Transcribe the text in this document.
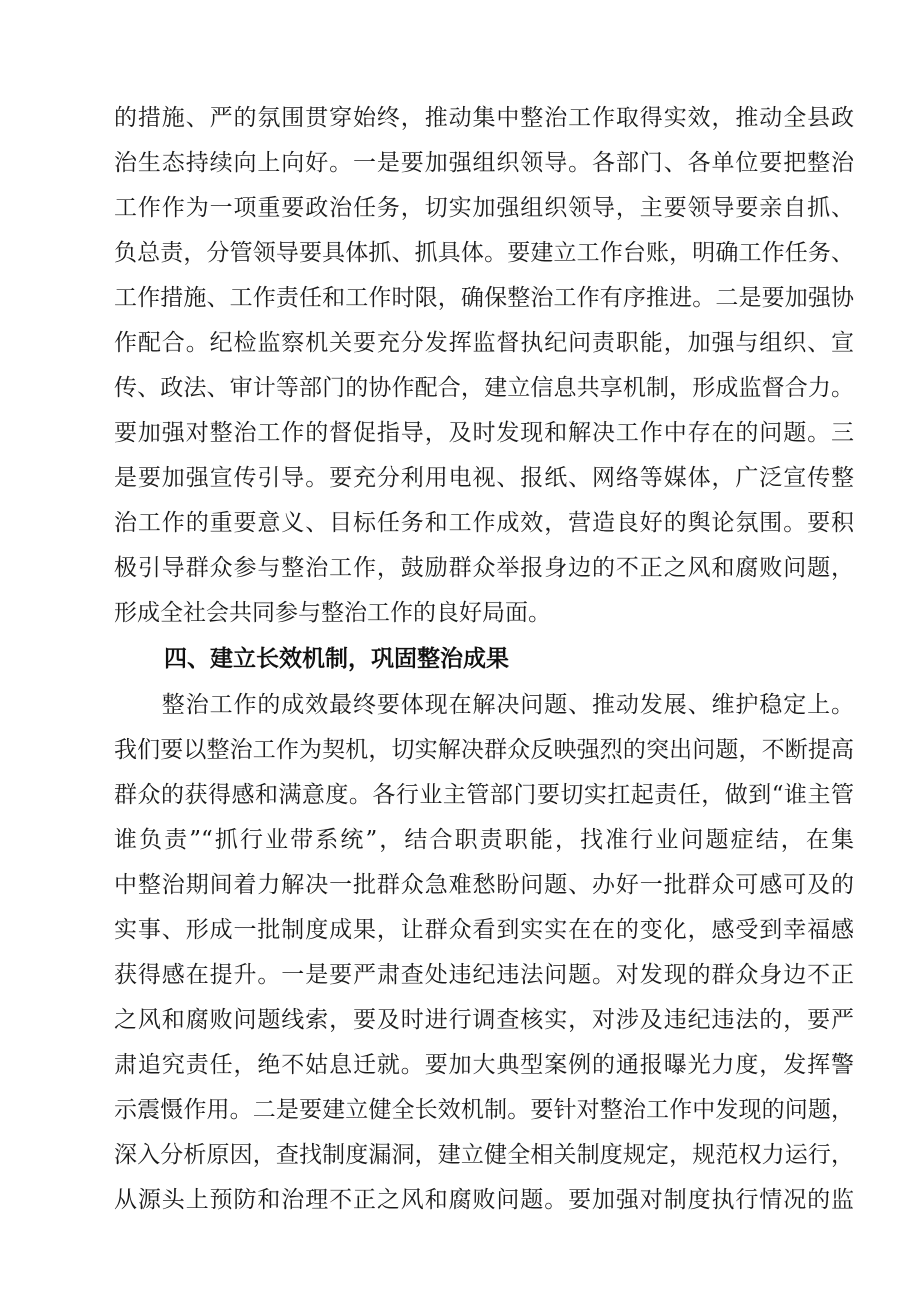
的措施、严的氛围贯穿始终，推动集中整治工作取得实效，推动全县政
治生态持续向上向好。一是要加强组织领导。各部门、各单位要把整治
工作作为一项重要政治任务，切实加强组织领导，主要领导要亲自抓、
负总责，分管领导要具体抓、抓具体。要建立工作台账，明确工作任务、
工作措施、工作责任和工作时限，确保整治工作有序推进。二是要加强协
作配合。纪检监察机关要充分发挥监督执纪问责职能，加强与组织、宣
传、政法、审计等部门的协作配合，建立信息共享机制，形成监督合力。
要加强对整治工作的督促指导，及时发现和解决工作中存在的问题。三
是要加强宣传引导。要充分利用电视、报纸、网络等媒体，广泛宣传整
治工作的重要意义、目标任务和工作成效，营造良好的舆论氛围。要积
极引导群众参与整治工作，鼓励群众举报身边的不正之风和腐败问题，
形成全社会共同参与整治工作的良好局面。
四、建立长效机制，巩固整治成果
　　整治工作的成效最终要体现在解决问题、推动发展、维护稳定上。
我们要以整治工作为契机，切实解决群众反映强烈的突出问题，不断提高
群众的获得感和满意度。各行业主管部门要切实扛起责任，做到“谁主管
谁负责”“抓行业带系统”，结合职责职能，找准行业问题症结，在集
中整治期间着力解决一批群众急难愁盼问题、办好一批群众可感可及的
实事、形成一批制度成果，让群众看到实实在在的变化，感受到幸福感
获得感在提升。一是要严肃查处违纪违法问题。对发现的群众身边不正
之风和腐败问题线索，要及时进行调查核实，对涉及违纪违法的，要严
肃追究责任，绝不姑息迁就。要加大典型案例的通报曝光力度，发挥警
示震慑作用。二是要建立健全长效机制。要针对整治工作中发现的问题，
深入分析原因，查找制度漏洞，建立健全相关制度规定，规范权力运行，
从源头上预防和治理不正之风和腐败问题。要加强对制度执行情况的监
